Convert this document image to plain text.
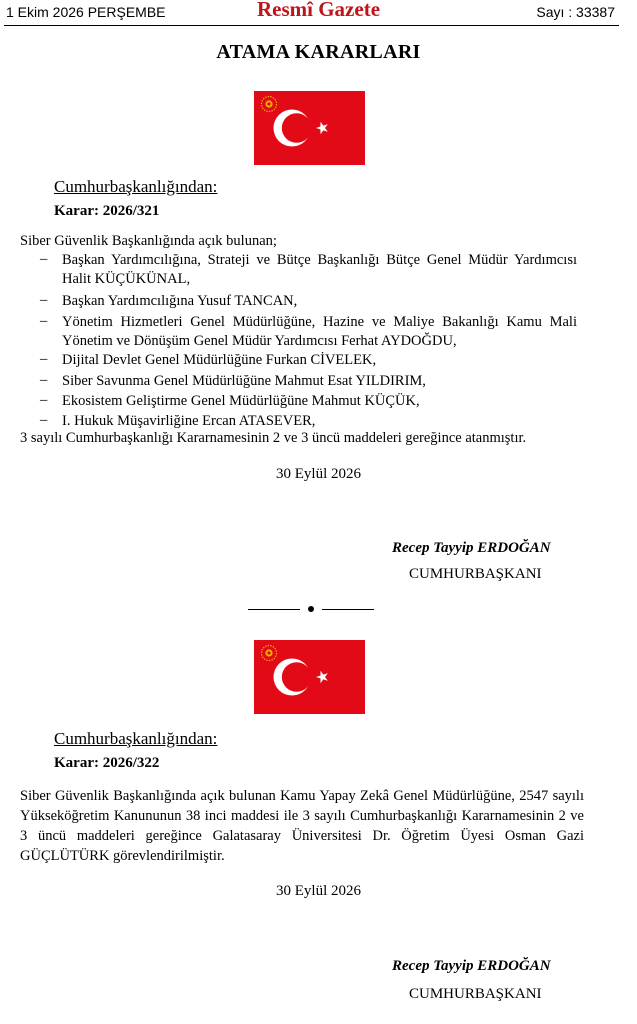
1 Ekim 2026 PERŞEMBE	Resmî Gazete	Sayı : 33387
ATAMA KARARLARI
Cumhurbaşkanlığından:
Karar: 2026/321
Siber Güvenlik Başkanlığında açık bulunan;
– Başkan Yardımcılığına, Strateji ve Bütçe Başkanlığı Bütçe Genel Müdür Yardımcısı Halit KÜÇÜKÜNAL,
– Başkan Yardımcılığına Yusuf TANCAN,
– Yönetim Hizmetleri Genel Müdürlüğüne, Hazine ve Maliye Bakanlığı Kamu Mali Yönetim ve Dönüşüm Genel Müdür Yardımcısı Ferhat AYDOĞDU,
– Dijital Devlet Genel Müdürlüğüne Furkan CİVELEK,
– Siber Savunma Genel Müdürlüğüne Mahmut Esat YILDIRIM,
– Ekosistem Geliştirme Genel Müdürlüğüne Mahmut KÜÇÜK,
– I. Hukuk Müşavirliğine Ercan ATASEVER,
3 sayılı Cumhurbaşkanlığı Kararnamesinin 2 ve 3 üncü maddeleri gereğince atanmıştır.
30 Eylül 2026
Recep Tayyip ERDOĞAN
CUMHURBAŞKANI
Cumhurbaşkanlığından:
Karar: 2026/322
Siber Güvenlik Başkanlığında açık bulunan Kamu Yapay Zekâ Genel Müdürlüğüne, 2547 sayılı Yükseköğretim Kanununun 38 inci maddesi ile 3 sayılı Cumhurbaşkanlığı Kararnamesinin 2 ve 3 üncü maddeleri gereğince Galatasaray Üniversitesi Dr. Öğretim Üyesi Osman Gazi GÜÇLÜTÜRK görevlendirilmiştir.
30 Eylül 2026
Recep Tayyip ERDOĞAN
CUMHURBAŞKANI
